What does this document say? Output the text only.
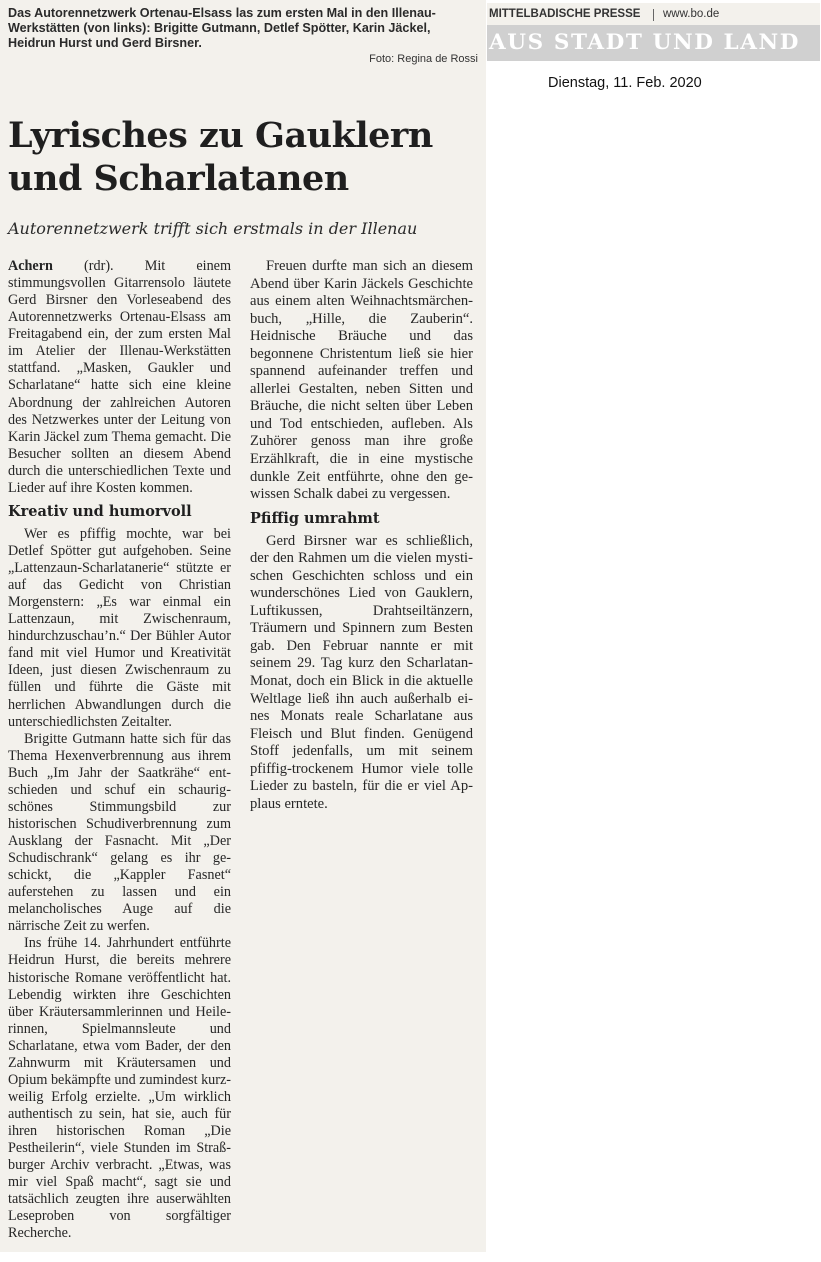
Das Autorennetzwerk Ortenau-Elsass las zum ersten Mal in den Illenau-Werkstätten (von links): Brigitte Gutmann, Detlef Spötter, Karin Jäckel, Heidrun Hurst und Gerd Birsner.
Foto: Regina de Rossi
Lyrisches zu Gauklern und Scharlatanen
Autorennetzwerk trifft sich erstmals in der Illenau

Achern (rdr). Mit einem stimmungsvollen Gitarrensolo läutete Gerd Birsner den Vorleseabend des Autorennetzwerks Ortenau-Elsass am Freitagabend ein, der zum ersten Mal im Atelier der Illenau-Werkstätten stattfand. „Masken, Gaukler und Scharlatane“ hatte sich eine kleine Abordnung der zahlreichen Autoren des Netzwerkes unter der Leitung von Karin Jäckel zum Thema gemacht. Die Besucher sollten an diesem Abend durch die unterschiedlichen Texte und Lieder auf ihre Kosten kommen.

Kreativ und humorvoll

Wer es pfiffig mochte, war bei Detlef Spötter gut aufgehoben. Seine „Lattenzaun-Scharlatanerie“ stützte er auf das Gedicht von Christian Morgenstern: „Es war einmal ein Lattenzaun, mit Zwischenraum, hindurchzuschau’n.“ Der Bühler Autor fand mit viel Humor und Kreativität Ideen, just diesen Zwischenraum zu füllen und führte die Gäste mit herrlichen Abwandlungen durch die unterschiedlichsten Zeitalter.

Brigitte Gutmann hatte sich für das Thema Hexenverbrennung aus ihrem Buch „Im Jahr der Saatkrähe“ entschieden und schuf ein schaurig-schönes Stimmungsbild zur historischen Schudiverbrennung zum Ausklang der Fasnacht. Mit „Der Schudischrank“ gelang es ihr geschickt, die „Kappler Fasnet“ auferstehen zu lassen und ein melancholisches Auge auf die närrische Zeit zu werfen.

Ins frühe 14. Jahrhundert entführte Heidrun Hurst, die bereits mehrere historische Romane veröffentlicht hat. Lebendig wirkten ihre Geschichten über Kräutersammlerinnen und Heilerinnen, Spielmannsleute und Scharlatane, etwa vom Bader, der den Zahnwurm mit Kräutersamen und Opium bekämpfte und zumindest kurzweilig Erfolg erzielte. „Um wirklich authentisch zu sein, hat sie, auch für ihren historischen Roman „Die Pestheilerin“, viele Stunden im Straßburger Archiv verbracht. „Etwas, was mir viel Spaß macht“, sagt sie und tatsächlich zeugten ihre auserwählten Leseproben von sorgfältiger Recherche.

Freuen durfte man sich an diesem Abend über Karin Jäckels Geschichte aus einem alten Weihnachtsmärchenbuch, „Hille, die Zauberin“. Heidnische Bräuche und das begonnene Christentum ließ sie hier spannend aufeinander treffen und allerlei Gestalten, neben Sitten und Bräuche, die nicht selten über Leben und Tod entschieden, aufleben. Als Zuhörer genoss man ihre große Erzählkraft, die in eine mystische dunkle Zeit entführte, ohne den gewissen Schalk dabei zu vergessen.

Pfiffig umrahmt

Gerd Birsner war es schließlich, der den Rahmen um die vielen mystischen Geschichten schloss und ein wunderschönes Lied von Gauklern, Luftikussen, Drahtseiltänzern, Träumern und Spinnern zum Besten gab. Den Februar nannte er mit seinem 29. Tag kurz den Scharlatan-Monat, doch ein Blick in die aktuelle Weltlage ließ ihn auch außerhalb eines Monats reale Scharlatane aus Fleisch und Blut finden. Genügend Stoff jedenfalls, um mit seinem pfiffig-trockenem Humor viele tolle Lieder zu basteln, für die er viel Applaus erntete.

MITTELBADISCHE PRESSE www.bo.de
AUS STADT UND LAND
Dienstag, 11. Feb. 2020
